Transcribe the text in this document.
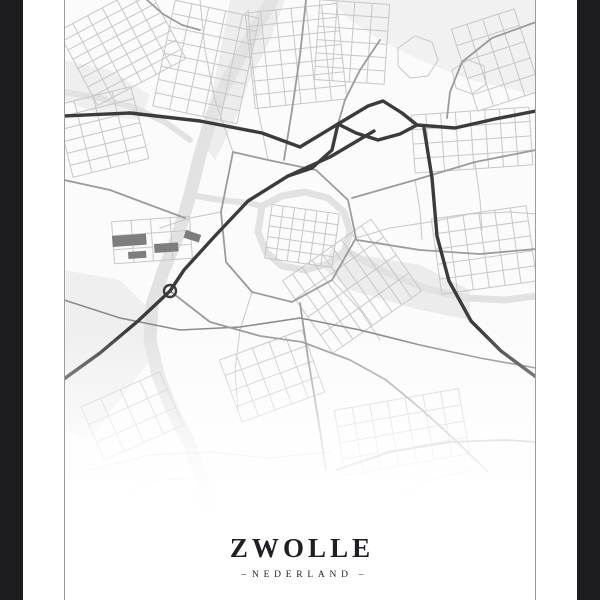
ZWOLLE
– NEDERLAND –
